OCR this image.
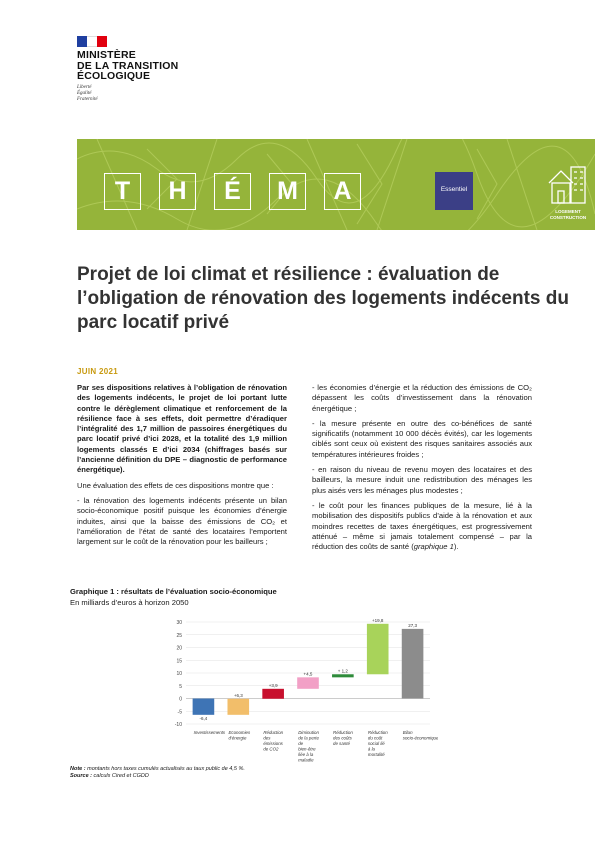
MINISTÈRE
DE LA TRANSITION
ÉCOLOGIQUE
Liberté
Égalité
Fraternité
T	H	É	M	A	Essentiel
LOGEMENT
CONSTRUCTION
Projet de loi climat et résilience : évaluation de l’obligation de rénovation des logements indécents du parc locatif privé
JUIN 2021

Par ses dispositions relatives à l’obligation de rénovation des logements indécents, le projet de loi portant lutte contre le dérèglement climatique et renforcement de la résilience face à ses effets, doit permettre d’éradiquer l’intégralité des 1,7 million de passoires énergétiques du parc locatif privé d’ici 2028, et la totalité des 1,9 million logements classés E d’ici 2034 (chiffrages basés sur l’ancienne définition du DPE – diagnostic de performance énergétique).

Une évaluation des effets de ces dispositions montre que :

- la rénovation des logements indécents présente un bilan socio-économique positif puisque les économies d’énergie induites, ainsi que la baisse des émissions de CO₂ et l’amélioration de l’état de santé des locataires l’emportent largement sur le coût de la rénovation pour les bailleurs ;

- les économies d’énergie et la réduction des émissions de CO₂ dépassent les coûts d’investissement dans la rénovation énergétique ;

- la mesure présente en outre des co-bénéfices de santé significatifs (notamment 10 000 décès évités), car les logements ciblés sont ceux où existent des risques sanitaires associés aux températures intérieures froides ;

- en raison du niveau de revenu moyen des locataires et des bailleurs, la mesure induit une redistribution des ménages les plus aisés vers les ménages plus modestes ;

- le coût pour les finances publiques de la mesure, lié à la mobilisation des dispositifs publics d’aide à la rénovation et aux moindres recettes de taxes énergétiques, est progressivement atténué – même si jamais totalement compensé – par la réduction des coûts de santé (graphique 1).

Graphique 1 : résultats de l’évaluation socio-économique
En milliards d’euros à horizon 2050
-10
-5
0
5
10
15
20
25
30
-6,4
Investissements
+6,3
Economies d'énergie
+3,9
Réduction des émissions de CO2
+4,5
Diminution de la perte de bien-être liée à la maladie
+ 1,2
Réduction des coûts de santé
+19,8
Réduction du coût social lié à la mortalité
27,3
Bilan socio-économique
Note : montants hors taxes cumulés actualisés au taux public de 4,5 %.
Source : calculs Cired et CGDD
